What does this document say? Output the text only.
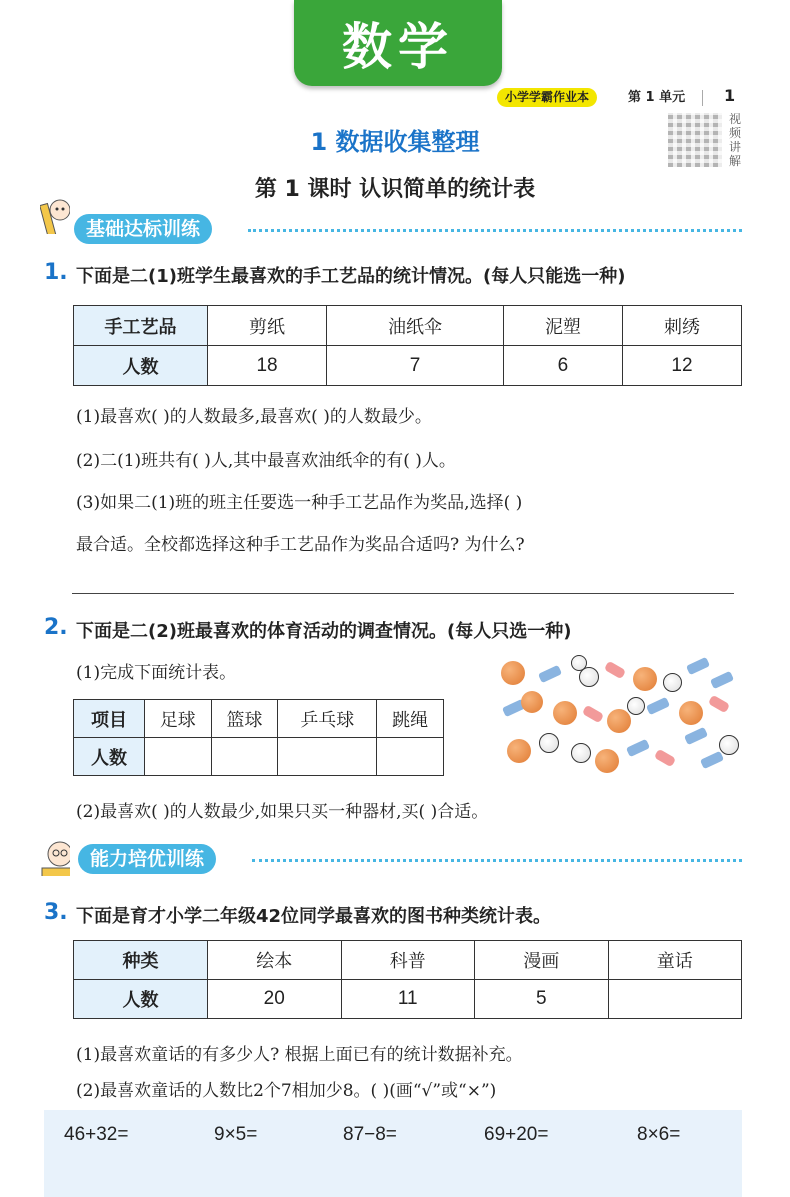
数学
小学学霸作业本	第 1 单元 1
视频讲解
1 数据收集整理
第 1 课时 认识简单的统计表
基础达标训练
1. 下面是二(1)班学生最喜欢的手工艺品的统计情况。(每人只能选一种)
手工艺品	剪纸	油纸伞	泥塑	刺绣
人数	18	7	6	12
(1)最喜欢( )的人数最多,最喜欢( )的人数最少。
(2)二(1)班共有( )人,其中最喜欢油纸伞的有( )人。
(3)如果二(1)班的班主任要选一种手工艺品作为奖品,选择( )
最合适。全校都选择这种手工艺品作为奖品合适吗? 为什么?
2. 下面是二(2)班最喜欢的体育活动的调查情况。(每人只选一种)
(1)完成下面统计表。
项目	足球	篮球	乒乓球	跳绳
人数				
(2)最喜欢( )的人数最少,如果只买一种器材,买( )合适。
能力培优训练
3. 下面是育才小学二年级42位同学最喜欢的图书种类统计表。
种类	绘本	科普	漫画	童话
人数	20	11	5	
(1)最喜欢童话的有多少人? 根据上面已有的统计数据补充。
(2)最喜欢童话的人数比2个7相加少8。( )(画“√”或“×”)
46+32=	9×5=	87−8=	69+20=	8×6=
